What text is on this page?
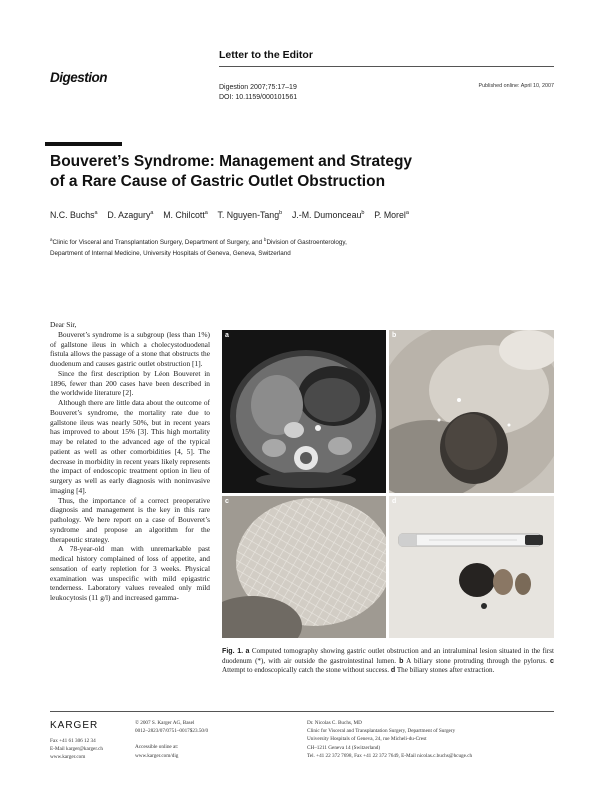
Digestion
Letter to the Editor
Digestion 2007;75:17–19
DOI: 10.1159/000101561
Published online: April 10, 2007
Bouveret’s Syndrome: Management and Strategy
of a Rare Cause of Gastric Outlet Obstruction
N.C. Buchs$^a$ D. Azagury$^a$ M. Chilcott$^a$ T. Nguyen-Tang$^b$ J.-M. Dumonceau$^b$ P. Morel$^a$
$^a$Clinic for Visceral and Transplantation Surgery, Department of Surgery, and $^b$Division of Gastroenterology,
Department of Internal Medicine, University Hospitals of Geneva, Geneva, Switzerland

Dear Sir,

Bouveret’s syndrome is a subgroup (less than 1%) of gallstone ileus in which a cholecystoduodenal fistula allows the passage of a stone that obstructs the duodenum and causes gastric outlet obstruction [1].

Since the first description by Léon Bouveret in 1896, fewer than 200 cases have been described in the worldwide literature [2].

Although there are little data about the outcome of Bouveret’s syndrome, the mortality rate due to gallstone ileus was nearly 50%, but in recent years has improved to about 15% [3]. This high mortality may be related to the advanced age of the typical patient as well as other comorbidities [4, 5]. The decrease in morbidity in recent years likely represents the impact of endoscopic treatment option in lieu of surgery as well as early diagnosis with noninvasive imaging [4].

Thus, the importance of a correct preoperative diagnosis and management is the key in this rare pathology. We here report on a case of Bouveret’s syndrome and propose an algorithm for the therapeutic strategy.

A 78-year-old man with unremarkable past medical history complained of loss of appetite, and sensation of early repletion for 3 weeks. Physical examination was unspecific with mild epigastric tenderness. Laboratory values revealed only mild leukocytosis (11 g/l) and increased gamma-

a	b
c	d
Fig. 1. a Computed tomography showing gastric outlet obstruction and an intraluminal lesion situated in the first duodenum (*), with air outside the gastrointestinal lumen. b A biliary stone protruding through the pylorus. c Attempt to endoscopically catch the stone without success. d The biliary stones after extraction.
KARGER
Fax +41 61 306 12 34
E-Mail karger@karger.ch
www.karger.com
© 2007 S. Karger AG, Basel
0012–2823/07/0751–0017$23.50/0
Accessible online at:
www.karger.com/dig
Dr. Nicolas C. Buchs, MD
Clinic for Visceral and Transplantation Surgery, Department of Surgery
University Hospitals of Geneva, 24, rue Micheli-du-Crest
CH–1211 Geneva 14 (Switzerland)
Tel. +41 22 372 7698, Fax +41 22 372 7649, E-Mail nicolas.c.buchs@hcuge.ch
